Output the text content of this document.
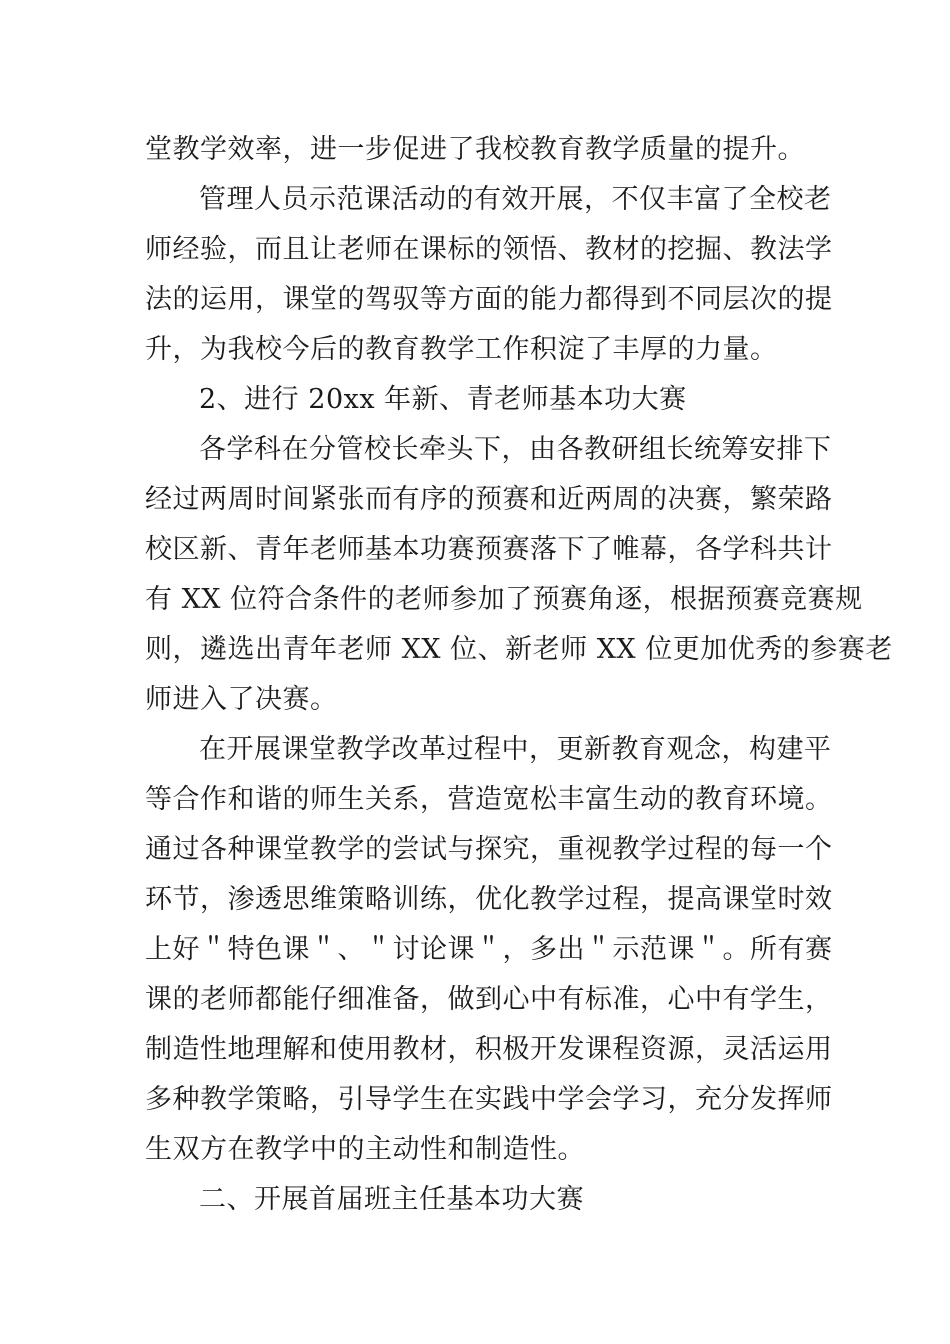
堂教学效率，进一步促进了我校教育教学质量的提升。
管理人员示范课活动的有效开展，不仅丰富了全校老
师经验，而且让老师在课标的领悟、教材的挖掘、教法学
法的运用，课堂的驾驭等方面的能力都得到不同层次的提
升，为我校今后的教育教学工作积淀了丰厚的力量。
2、进行 20xx 年新、青老师基本功大赛
各学科在分管校长牵头下，由各教研组长统筹安排下
经过两周时间紧张而有序的预赛和近两周的决赛，繁荣路
校区新、青年老师基本功赛预赛落下了帷幕，各学科共计
有 XX 位符合条件的老师参加了预赛角逐，根据预赛竞赛规
则，遴选出青年老师 XX 位、新老师 XX 位更加优秀的参赛老
师进入了决赛。
在开展课堂教学改革过程中，更新教育观念，构建平
等合作和谐的师生关系，营造宽松丰富生动的教育环境。
通过各种课堂教学的尝试与探究，重视教学过程的每一个
环节，渗透思维策略训练，优化教学过程，提高课堂时效
上好＂特色课＂、＂讨论课＂，多出＂示范课＂。所有赛
课的老师都能仔细准备，做到心中有标准，心中有学生，
制造性地理解和使用教材，积极开发课程资源，灵活运用
多种教学策略，引导学生在实践中学会学习，充分发挥师
生双方在教学中的主动性和制造性。
二、开展首届班主任基本功大赛
